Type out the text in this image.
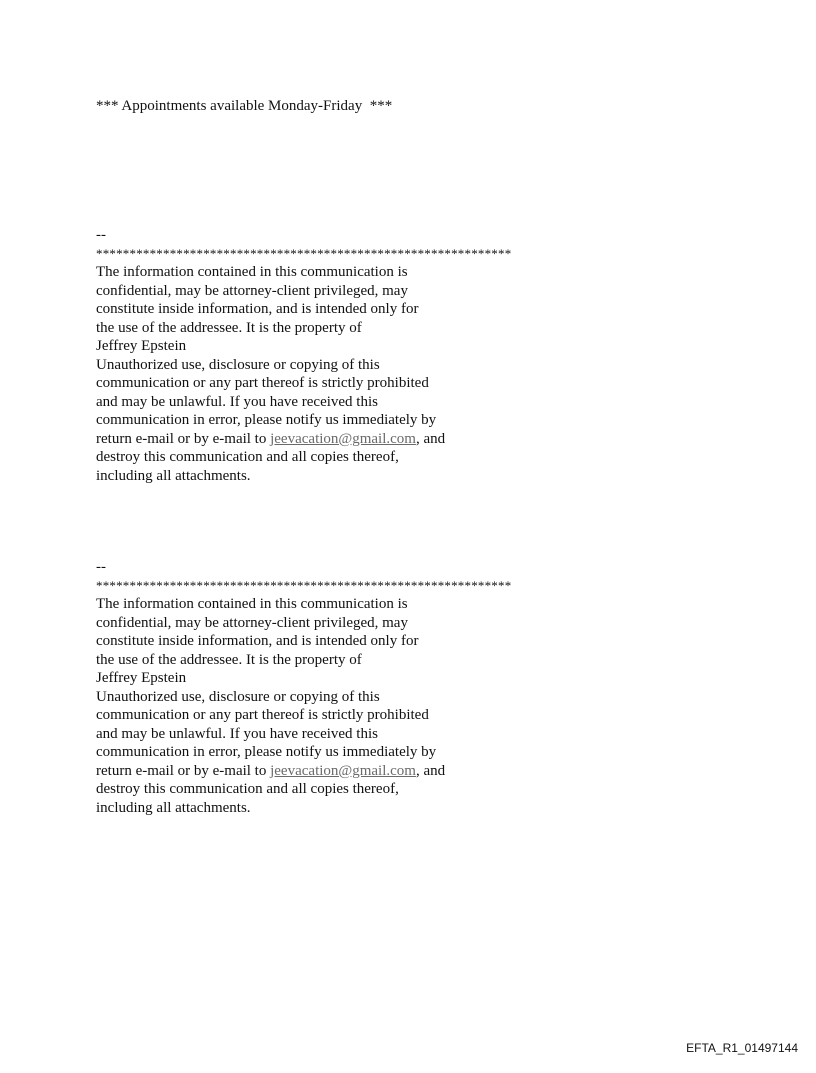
*** Appointments available Monday-Friday  ***
--
**************************************************************
The information contained in this communication is
confidential, may be attorney-client privileged, may
constitute inside information, and is intended only for
the use of the addressee. It is the property of
Jeffrey Epstein
Unauthorized use, disclosure or copying of this
communication or any part thereof is strictly prohibited
and may be unlawful. If you have received this
communication in error, please notify us immediately by
return e-mail or by e-mail to jeevacation@gmail.com, and
destroy this communication and all copies thereof,
including all attachments.
--
**************************************************************
The information contained in this communication is
confidential, may be attorney-client privileged, may
constitute inside information, and is intended only for
the use of the addressee. It is the property of
Jeffrey Epstein
Unauthorized use, disclosure or copying of this
communication or any part thereof is strictly prohibited
and may be unlawful. If you have received this
communication in error, please notify us immediately by
return e-mail or by e-mail to jeevacation@gmail.com, and
destroy this communication and all copies thereof,
including all attachments.
EFTA_R1_01497144
